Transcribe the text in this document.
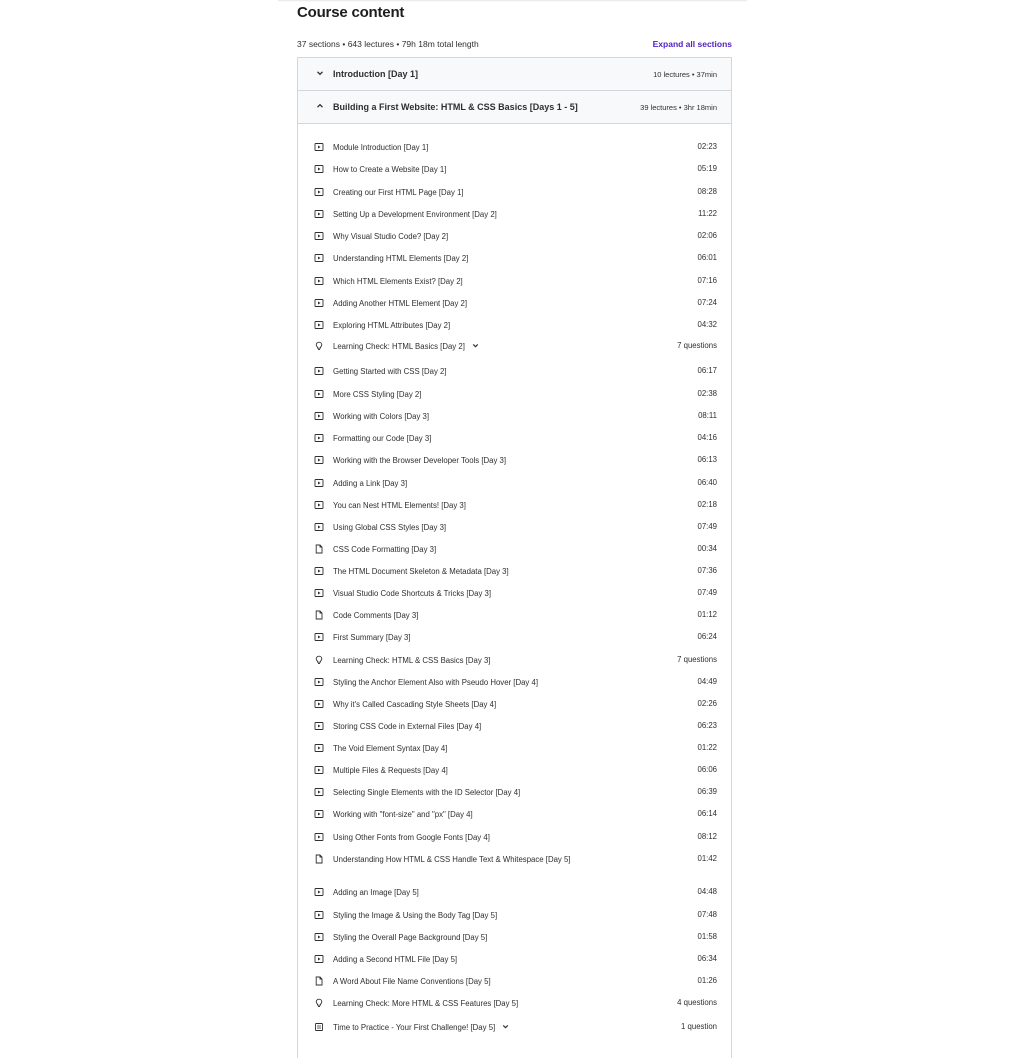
Course content
37 sections • 643 lectures • 79h 18m total length	Expand all sections
Introduction [Day 1]	10 lectures • 37min
Building a First Website: HTML & CSS Basics [Days 1 - 5]	39 lectures • 3hr 18min
Module Introduction [Day 1]	02:23
How to Create a Website [Day 1]	05:19
Creating our First HTML Page [Day 1]	08:28
Setting Up a Development Environment [Day 2]	11:22
Why Visual Studio Code? [Day 2]	02:06
Understanding HTML Elements [Day 2]	06:01
Which HTML Elements Exist? [Day 2]	07:16
Adding Another HTML Element [Day 2]	07:24
Exploring HTML Attributes [Day 2]	04:32
Learning Check: HTML Basics [Day 2]	7 questions
Getting Started with CSS [Day 2]	06:17
More CSS Styling [Day 2]	02:38
Working with Colors [Day 3]	08:11
Formatting our Code [Day 3]	04:16
Working with the Browser Developer Tools [Day 3]	06:13
Adding a Link [Day 3]	06:40
You can Nest HTML Elements! [Day 3]	02:18
Using Global CSS Styles [Day 3]	07:49
CSS Code Formatting [Day 3]	00:34
The HTML Document Skeleton & Metadata [Day 3]	07:36
Visual Studio Code Shortcuts & Tricks [Day 3]	07:49
Code Comments [Day 3]	01:12
First Summary [Day 3]	06:24
Learning Check: HTML & CSS Basics [Day 3]	7 questions
Styling the Anchor Element Also with Pseudo Hover [Day 4]	04:49
Why it's Called Cascading Style Sheets [Day 4]	02:26
Storing CSS Code in External Files [Day 4]	06:23
The Void Element Syntax [Day 4]	01:22
Multiple Files & Requests [Day 4]	06:06
Selecting Single Elements with the ID Selector [Day 4]	06:39
Working with "font-size" and "px" [Day 4]	06:14
Using Other Fonts from Google Fonts [Day 4]	08:12
Understanding How HTML & CSS Handle Text & Whitespace [Day 5]	01:42
Adding an Image [Day 5]	04:48
Styling the Image & Using the Body Tag [Day 5]	07:48
Styling the Overall Page Background [Day 5]	01:58
Adding a Second HTML File [Day 5]	06:34
A Word About File Name Conventions [Day 5]	01:26
Learning Check: More HTML & CSS Features [Day 5]	4 questions
Time to Practice - Your First Challenge! [Day 5]	1 question
